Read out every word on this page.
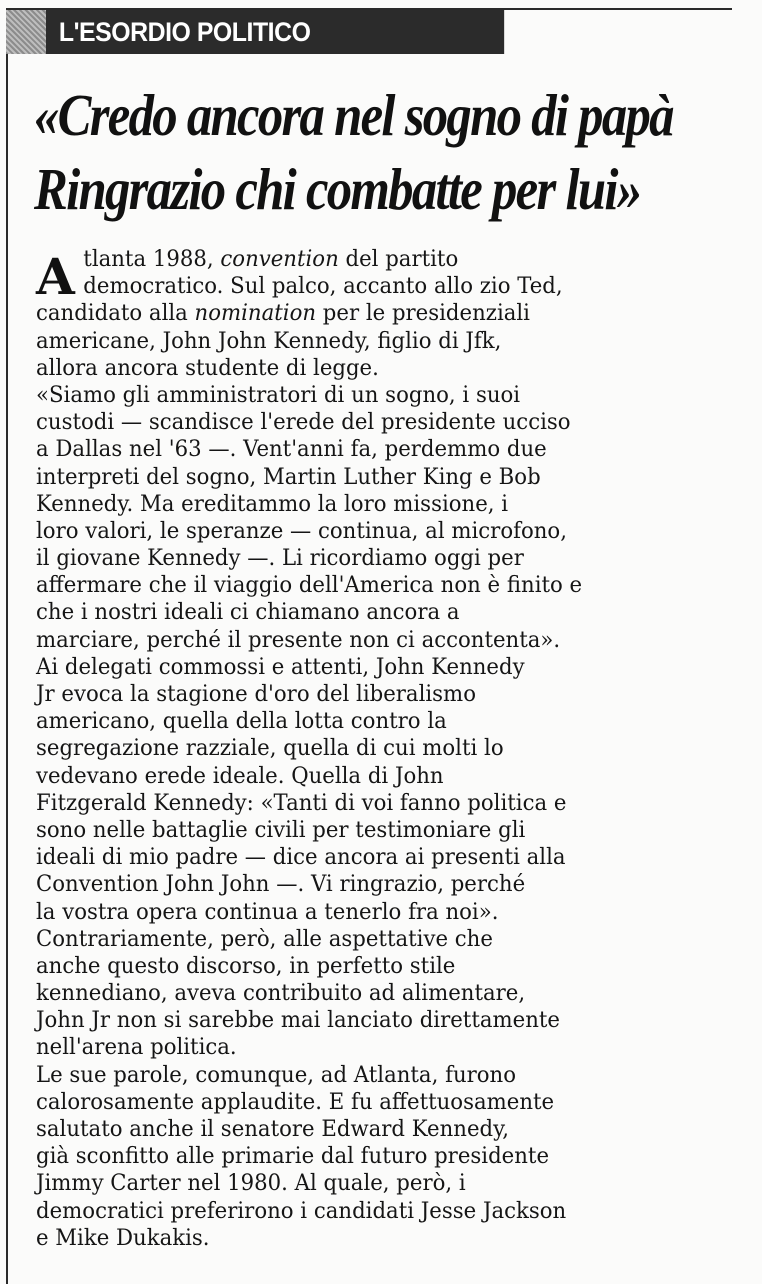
L'ESORDIO POLITICO
«Credo ancora nel sogno di papà
Ringrazio chi combatte per lui»
A tlanta 1988, convention del partito
democratico. Sul palco, accanto allo zio Ted,
candidato alla nomination per le presidenziali
americane, John John Kennedy, figlio di Jfk,
allora ancora studente di legge.
«Siamo gli amministratori di un sogno, i suoi
custodi — scandisce l'erede del presidente ucciso
a Dallas nel '63 —. Vent'anni fa, perdemmo due
interpreti del sogno, Martin Luther King e Bob
Kennedy. Ma ereditammo la loro missione, i
loro valori, le speranze — continua, al microfono,
il giovane Kennedy —. Li ricordiamo oggi per
affermare che il viaggio dell'America non è finito e
che i nostri ideali ci chiamano ancora a
marciare, perché il presente non ci accontenta».
Ai delegati commossi e attenti, John Kennedy
Jr evoca la stagione d'oro del liberalismo
americano, quella della lotta contro la
segregazione razziale, quella di cui molti lo
vedevano erede ideale. Quella di John
Fitzgerald Kennedy: «Tanti di voi fanno politica e
sono nelle battaglie civili per testimoniare gli
ideali di mio padre — dice ancora ai presenti alla
Convention John John —. Vi ringrazio, perché
la vostra opera continua a tenerlo fra noi».
Contrariamente, però, alle aspettative che
anche questo discorso, in perfetto stile
kennediano, aveva contribuito ad alimentare,
John Jr non si sarebbe mai lanciato direttamente
nell'arena politica.
Le sue parole, comunque, ad Atlanta, furono
calorosamente applaudite. E fu affettuosamente
salutato anche il senatore Edward Kennedy,
già sconfitto alle primarie dal futuro presidente
Jimmy Carter nel 1980. Al quale, però, i
democratici preferirono i candidati Jesse Jackson
e Mike Dukakis.
